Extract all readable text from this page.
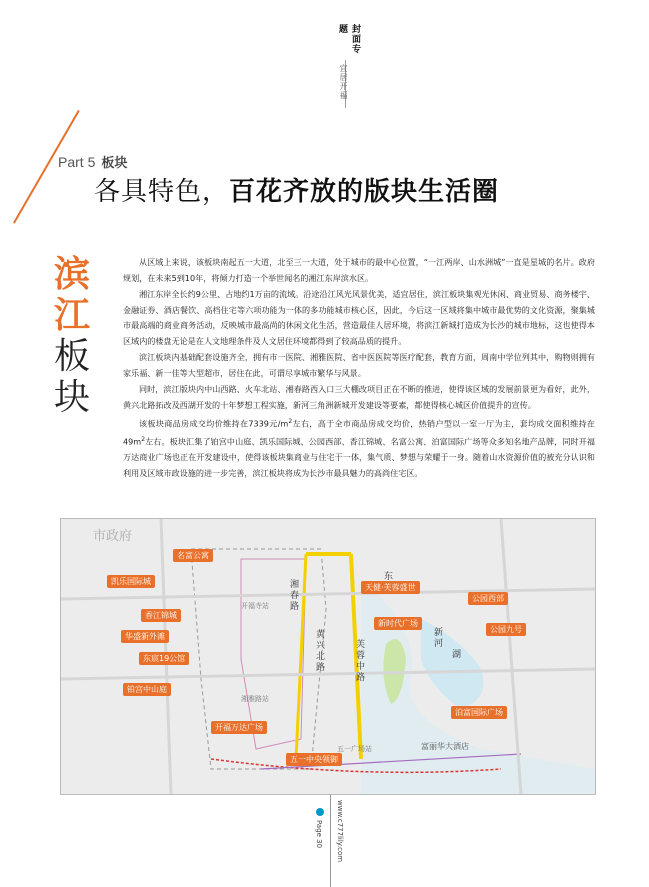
封面专题
宜居开福
Part 5 板块
各具特色，百花齐放的版块生活圈
滨
江
板
块

从区域上来说，该板块南起五一大道，北至三一大道，处于城市的最中心位置，“一江两岸、山水洲城”一直是星城的名片。政府规划，在未来5到10年，将倾力打造一个举世闻名的湘江东岸滨水区。

湘江东岸全长约9公里、占地约1万亩的流域。沿途沿江风光风景优美，适宜居住，滨江板块集观光休闲、商业贸易、商务楼宇、金融证券、酒店餐饮、高档住宅等六项功能为一体的多功能城市核心区，因此，今后这一区域将集中城市最优势的文化资源，聚集城市最高端的商业商务活动，反映城市最高尚的休闲文化生活，营造最佳人居环境，将滨江新城打造成为长沙的城市地标，这也使得本区域内的楼盘无论是在人文地理条件及人文居住环境都得到了较高品质的提升。

滨江板块内基础配套设施齐全，拥有市一医院、湘雅医院、省中医医院等医疗配套，教育方面，周南中学位列其中，购物则拥有家乐福、新一佳等大型超市，居住在此，可谓尽享城市繁华与风景。

同时，滨江版块内中山西路、火车北站、湘春路西入口三大棚改项目正在不断的推进，使得该区域的发展前景更为看好，此外，黄兴北路拓改及西湖开发的十年梦想工程实施，新河三角洲新城开发建设等要素，都使得核心城区价值提升的宣传。

该板块商品房成交均价维持在7339元$/m^2$左右，高于全市商品房成交均价，热销户型以一室一厅为主，套均成交面积维持在$49m^2$左右。板块汇集了铂宫中山庭、凯乐国际城、公园西部、香江锦城、名富公寓、泊富国际广场等众多知名地产品牌，同时开福万达商业广场也正在开发建设中，使得该板块集商业与住宅于一体，集气质、梦想与荣耀于一身。随着山水资源价值的被充分认识和利用及区域市政设施的进一步完善，滨江板块将成为长沙市最具魅力的高尚住宅区。

市政府
名富公寓
凯乐国际城
香江锦城
华盛新外滩
东宸19公馆
铂宫中山庭
开福万达广场
五一中央领御
天健·芙蓉盛世
新时代广场
公园西部
公园九号
泊富国际广场
湘春路
黄兴北路	芙蓉中路
东
湖
新河
富丽华大酒店
五一广场站
湘雅路站
开福寺站
Page 30 www.c777lily.com
